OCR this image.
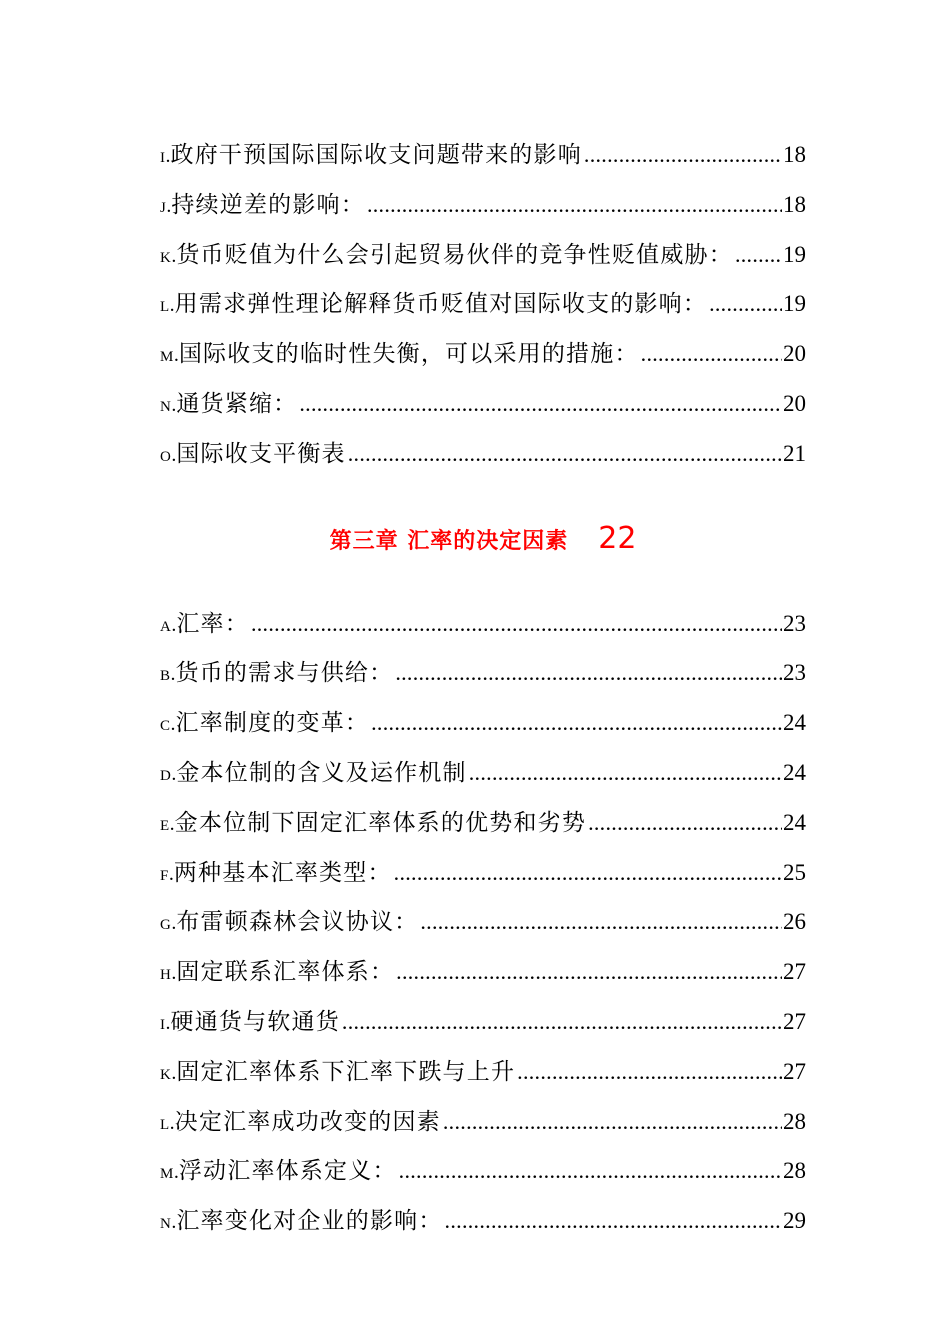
I . 政府干预国际国际收支问题带来的影响 .....	18
J . 持续逆差的影响： .....	18
K . 货币贬值为什么会引起贸易伙伴的竞争性贬值威胁： ..... 19
L . 用需求弹性理论解释货币贬值对国际收支的影响： .....	19
M . 国际收支的临时性失衡，可以采用的措施： .....	20
N . 通货紧缩： .....	20
O . 国际收支平衡表 .....	21
第三章 汇率的决定因素 22
A . 汇率： .....	23
B . 货币的需求与供给： .....	23
C . 汇率制度的变革： .....	24
D . 金本位制的含义及运作机制 .....	24
E . 金本位制下固定汇率体系的优势和劣势 .....	24
F . 两种基本汇率类型： .....	25
G . 布雷顿森林会议协议： .....	26
H . 固定联系汇率体系： .....	27
I . 硬通货与软通货 .....	27
K . 固定汇率体系下汇率下跌与上升 .....	27
L . 决定汇率成功改变的因素 .....	28
M . 浮动汇率体系定义： .....	28
N . 汇率变化对企业的影响： .....	29
